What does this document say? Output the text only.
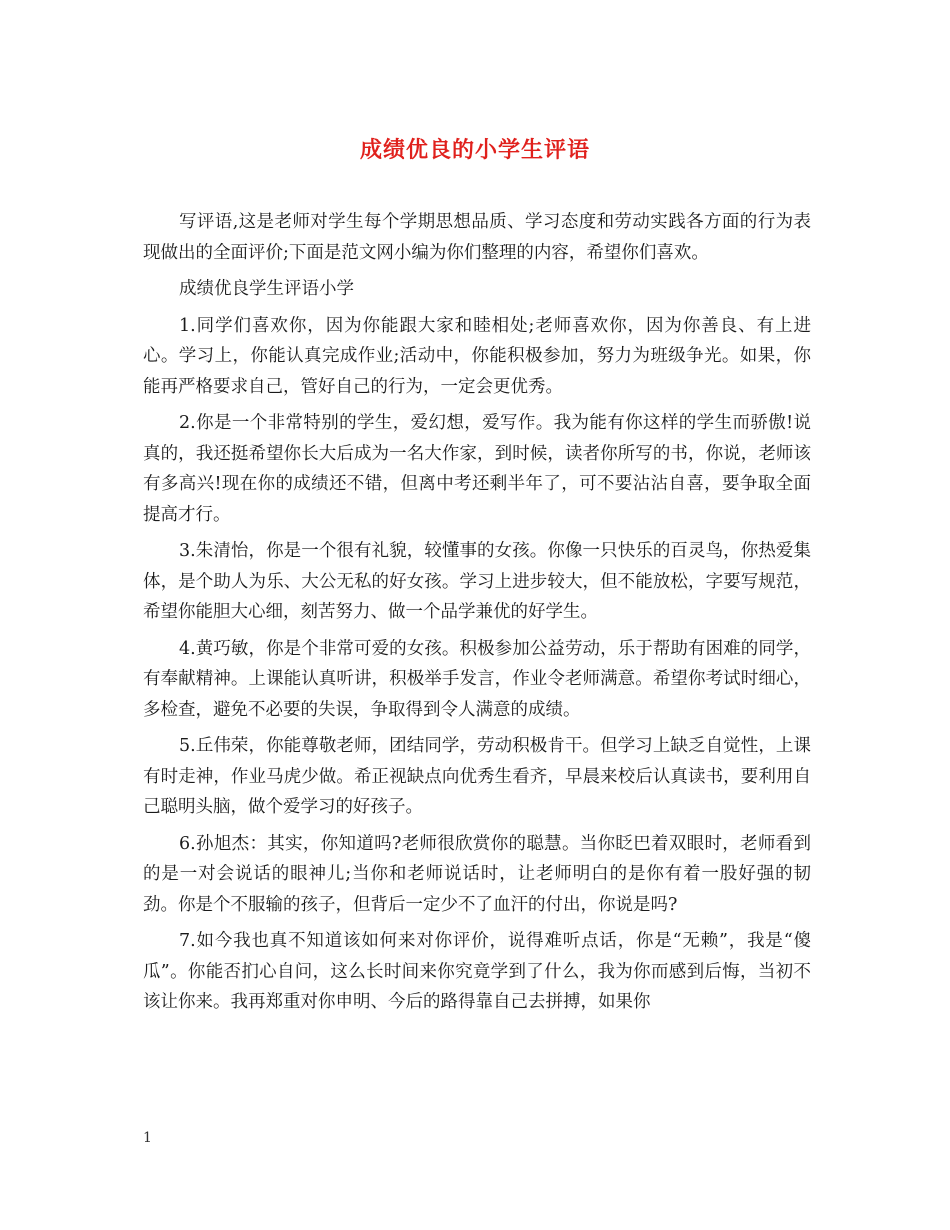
成绩优良的小学生评语

写评语,这是老师对学生每个学期思想品质、学习态度和劳动实践各方面的行为表现做出的全面评价;下面是范文网小编为你们整理的内容，希望你们喜欢。

成绩优良学生评语小学

1.同学们喜欢你，因为你能跟大家和睦相处;老师喜欢你，因为你善良、有上进心。学习上，你能认真完成作业;活动中，你能积极参加，努力为班级争光。如果，你能再严格要求自己，管好自己的行为，一定会更优秀。

2.你是一个非常特别的学生，爱幻想，爱写作。我为能有你这样的学生而骄傲!说真的，我还挺希望你长大后成为一名大作家，到时候，读者你所写的书，你说，老师该有多高兴!现在你的成绩还不错，但离中考还剩半年了，可不要沾沾自喜，要争取全面提高才行。

3.朱清怡，你是一个很有礼貌，较懂事的女孩。你像一只快乐的百灵鸟，你热爱集体，是个助人为乐、大公无私的好女孩。学习上进步较大，但不能放松，字要写规范，希望你能胆大心细，刻苦努力、做一个品学兼优的好学生。

4.黄巧敏，你是个非常可爱的女孩。积极参加公益劳动，乐于帮助有困难的同学，有奉献精神。上课能认真听讲，积极举手发言，作业令老师满意。希望你考试时细心，多检查，避免不必要的失误，争取得到令人满意的成绩。

5.丘伟荣，你能尊敬老师，团结同学，劳动积极肯干。但学习上缺乏自觉性，上课有时走神，作业马虎少做。希正视缺点向优秀生看齐，早晨来校后认真读书，要利用自己聪明头脑，做个爱学习的好孩子。

6.孙旭杰：其实，你知道吗?老师很欣赏你的聪慧。当你眨巴着双眼时，老师看到的是一对会说话的眼神儿;当你和老师说话时，让老师明白的是你有着一股好强的韧劲。你是个不服输的孩子，但背后一定少不了血汗的付出，你说是吗?

7.如今我也真不知道该如何来对你评价，说得难听点话，你是“无赖”，我是“傻瓜”。你能否扪心自问，这么长时间来你究竟学到了什么，我为你而感到后悔，当初不该让你来。我再郑重对你申明、今后的路得靠自己去拼搏，如果你

1
